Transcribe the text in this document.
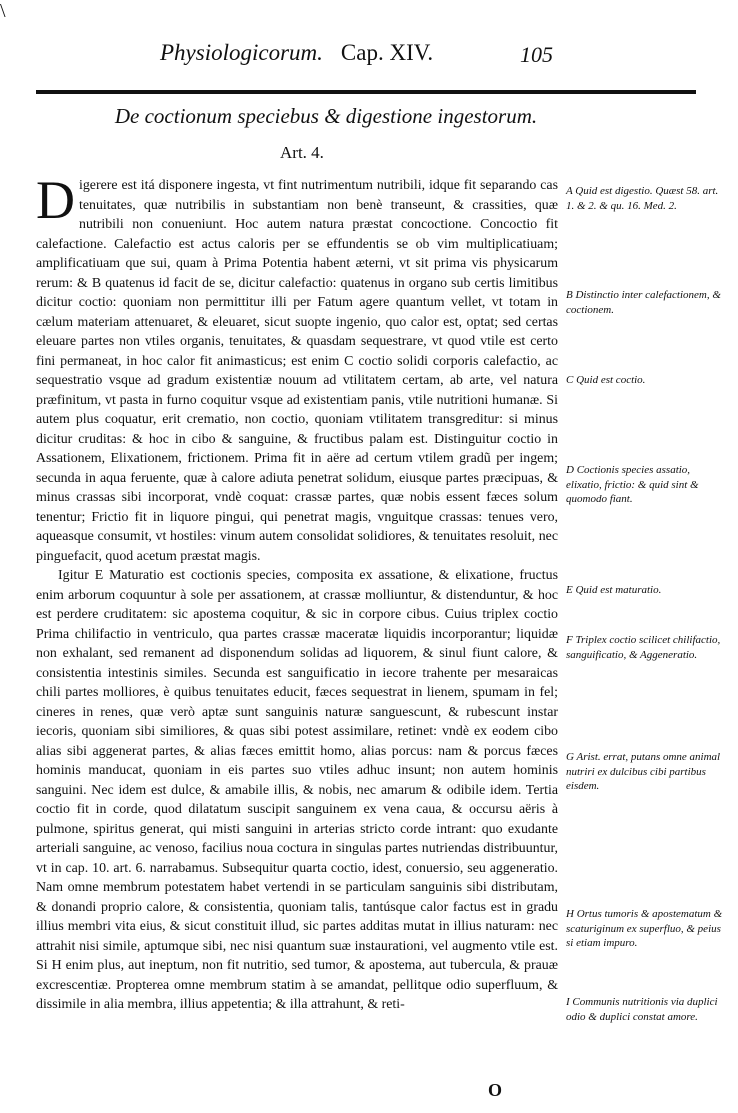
\
Physiologicorum. Cap. XIV.	105
De coctionum speciebus & digestione ingestorum.
Art. 4.

Digerere est itá disponere ingesta, vt fint nutrimentum nutribili, idque fit separando cas tenuitates, quæ nutribilis in substantiam non benè transeunt, & crassities, quæ nutribili non conueniunt. Hoc autem natura præstat concoctione. Concoctio fit calefactione. Calefactio est actus caloris per se effundentis se ob vim multiplicatiuam; amplificatiuam que sui, quam à Prima Potentia habent æterni, vt sit prima vis physicarum rerum: & B quatenus id facit de se, dicitur calefactio: quatenus in organo sub certis limitibus dicitur coctio: quoniam non permittitur illi per Fatum agere quantum vellet, vt totam in cælum materiam attenuaret, & eleuaret, sicut suopte ingenio, quo calor est, optat; sed certas eleuare partes non vtiles organis, tenuitates, & quasdam sequestrare, vt quod vtile est certo fini permaneat, in hoc calor fit animasticus; est enim C coctio solidi corporis calefactio, ac sequestratio vsque ad gradum existentiæ nouum ad vtilitatem certam, ab arte, vel natura præfinitum, vt pasta in furno coquitur vsque ad existentiam panis, vtile nutritioni humanæ. Si autem plus coquatur, erit crematio, non coctio, quoniam vtilitatem transgreditur: si minus dicitur cruditas: & hoc in cibo & sanguine, & fructibus palam est. Distinguitur coctio in Assationem, Elixationem, frictionem. Prima fit in aëre ad certum vtilem gradũ per ingem; secunda in aqua feruente, quæ à calore adiuta penetrat solidum, eiusque partes præcipuas, & minus crassas sibi incorporat, vndè coquat: crassæ partes, quæ nobis essent fæces solum tenentur; Frictio fit in liquore pingui, qui penetrat magis, vnguitque crassas: tenues vero, aqueasque consumit, vt hostiles: vinum autem consolidat solidiores, & tenuitates resoluit, nec pinguefacit, quod acetum præstat magis.

Igitur E Maturatio est coctionis species, composita ex assatione, & elixatione, fructus enim arborum coquuntur à sole per assationem, at crassæ molliuntur, & distenduntur, & hoc est perdere cruditatem: sic apostema coquitur, & sic in corpore cibus. Cuius triplex coctio Prima chilifactio in ventriculo, qua partes crassæ maceratæ liquidis incorporantur; liquidæ non exhalant, sed remanent ad disponendum solidas ad liquorem, & sinul fiunt calore, & consistentia intestinis similes. Secunda est sanguificatio in iecore trahente per mesaraicas chili partes molliores, è quibus tenuitates educit, fæces sequestrat in lienem, spumam in fel; cineres in renes, quæ verò aptæ sunt sanguinis naturæ sanguescunt, & rubescunt instar iecoris, quoniam sibi similiores, & quas sibi potest assimilare, retinet: vndè ex eodem cibo alias sibi aggenerat partes, & alias fæces emittit homo, alias porcus: nam & porcus fæces hominis manducat, quoniam in eis partes suo vtiles adhuc insunt; non autem hominis sanguini. Nec idem est dulce, & amabile illis, & nobis, nec amarum & odibile idem. Tertia coctio fit in corde, quod dilatatum suscipit sanguinem ex vena caua, & occursu aëris à pulmone, spiritus generat, qui misti sanguini in arterias stricto corde intrant: quo exudante arteriali sanguine, ac venoso, facilius noua coctura in singulas partes nutriendas distribuuntur, vt in cap. 10. art. 6. narrabamus. Subsequitur quarta coctio, idest, conuersio, seu aggeneratio. Nam omne membrum potestatem habet vertendi in se particulam sanguinis sibi distributam, & donandi proprio calore, & consistentia, quoniam talis, tantúsque calor factus est in gradu illius membri vita eius, & sicut constituit illud, sic partes additas mutat in illius naturam: nec attrahit nisi simile, aptumque sibi, nec nisi quantum suæ instaurationi, vel augmento vtile est. Si H enim plus, aut ineptum, non fit nutritio, sed tumor, & apostema, aut tubercula, & prauæ excrescentiæ. Propterea omne membrum statim à se amandat, pellitque odio superfluum, & dissimile in alia membra, illius appetentia; & illa attrahunt, & reti-

A Quid est digestio. Quæst 58. art. 1. & 2. & qu. 16. Med. 2.
B Distinctio inter calefactionem, & coctionem.
C Quid est coctio.
D Coctionis species assatio, elixatio, frictio: & quid sint & quomodo fiant.
E Quid est maturatio.
F Triplex coctio scilicet chilifactio, sanguificatio, & Aggeneratio.
G Arist. errat, putans omne animal nutriri ex dulcibus cibi partibus eisdem.
H Ortus tumoris & apostematum & scaturiginum ex superfluo, & peius si etiam impuro.
I Communis nutritionis via duplici odio & duplici constat amore.
O
